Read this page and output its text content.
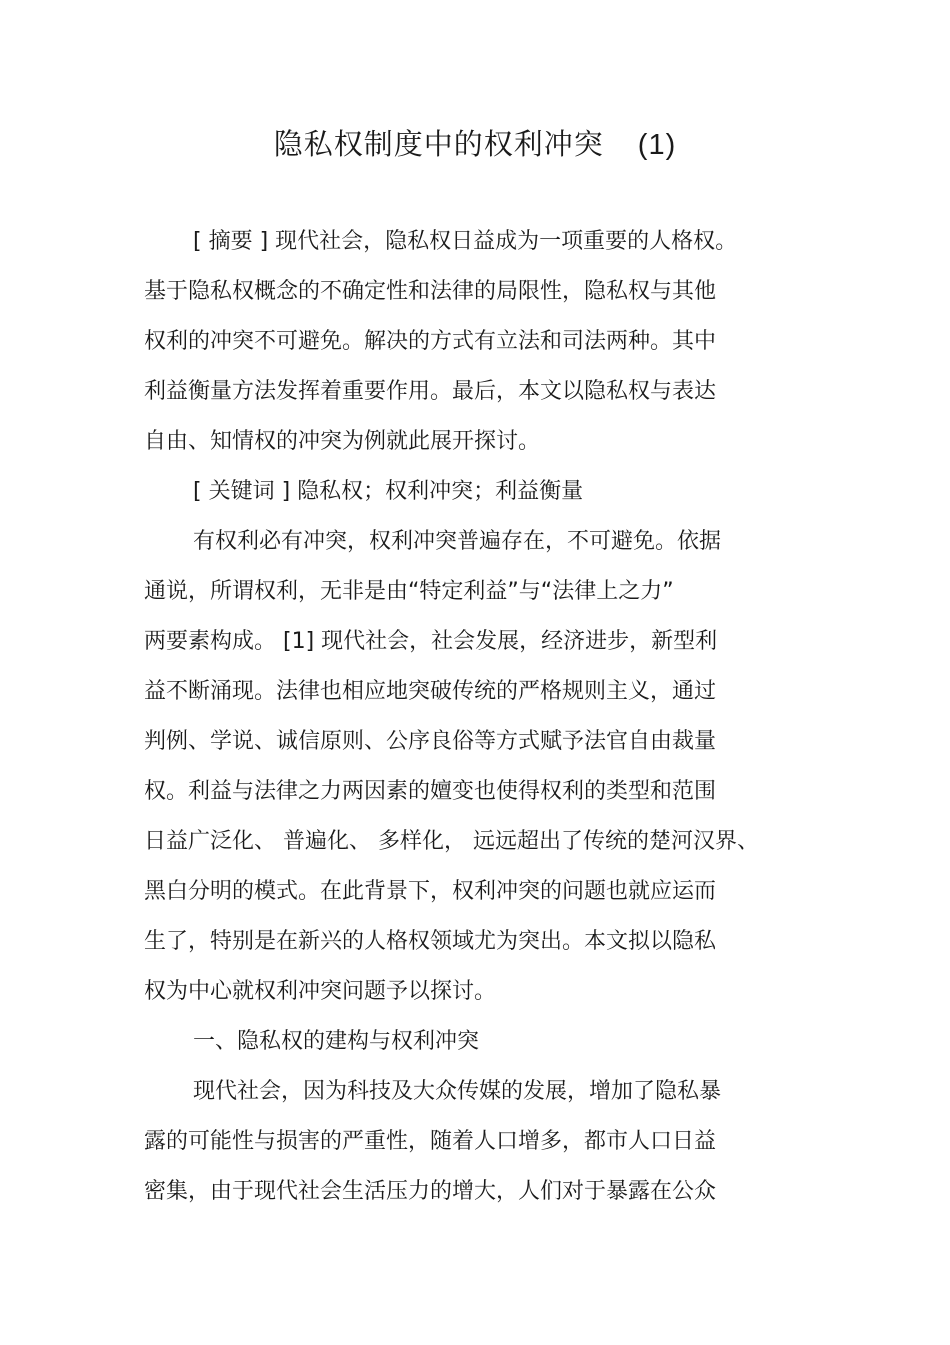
隐私权制度中的权利冲突 (1)
[ 摘要 ] 现代社会，隐私权日益成为一项重要的人格权。
基于隐私权概念的不确定性和法律的局限性，隐私权与其他
权利的冲突不可避免。解决的方式有立法和司法两种。其中
利益衡量方法发挥着重要作用。最后，本文以隐私权与表达
自由、知情权的冲突为例就此展开探讨。
[ 关键词 ] 隐私权；权利冲突；利益衡量
有权利必有冲突，权利冲突普遍存在，不可避免。依据
通说，所谓权利，无非是由“特定利益”与“法律上之力”
两要素构成。 [1] 现代社会，社会发展，经济进步，新型利
益不断涌现。法律也相应地突破传统的严格规则主义，通过
判例、学说、诚信原则、公序良俗等方式赋予法官自由裁量
权。利益与法律之力两因素的嬗变也使得权利的类型和范围
日益广泛化、 普遍化、 多样化， 远远超出了传统的楚河汉界、
黑白分明的模式。在此背景下，权利冲突的问题也就应运而
生了，特别是在新兴的人格权领域尤为突出。本文拟以隐私
权为中心就权利冲突问题予以探讨。
一、隐私权的建构与权利冲突
现代社会，因为科技及大众传媒的发展，增加了隐私暴
露的可能性与损害的严重性，随着人口增多，都市人口日益
密集，由于现代社会生活压力的增大，人们对于暴露在公众
